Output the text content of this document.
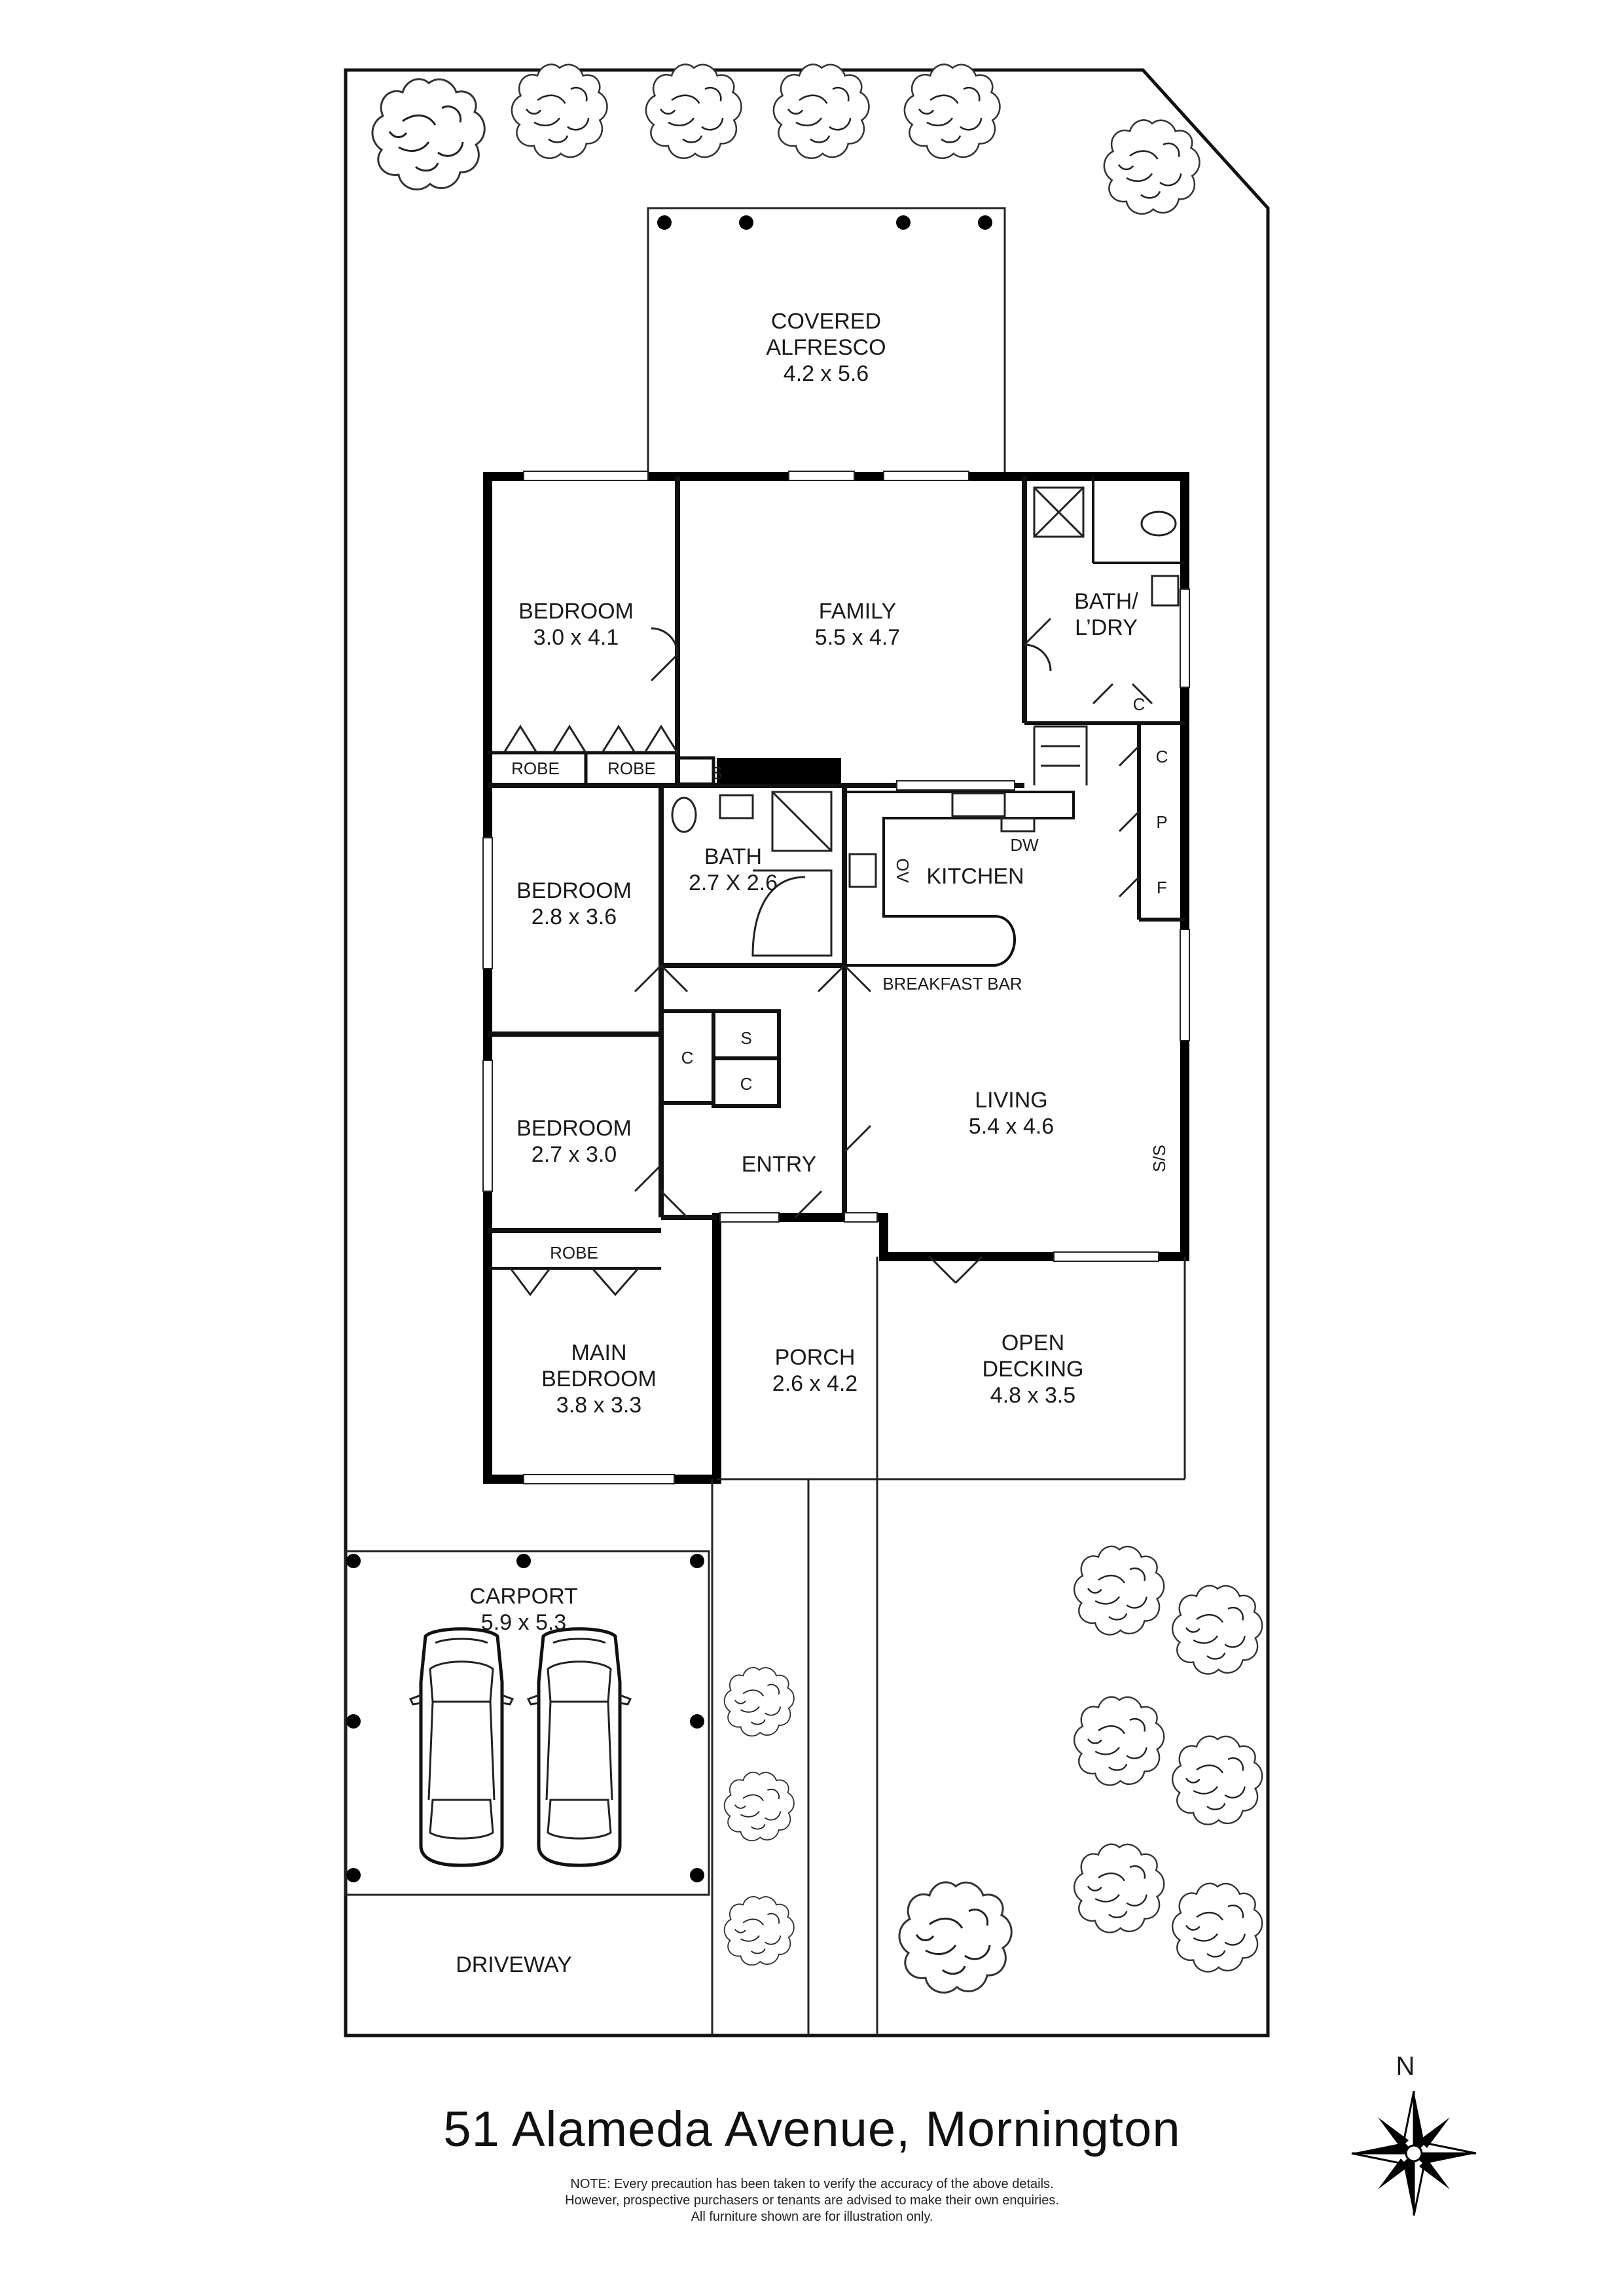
COVERED
ALFRESCO
4.2 x 5.6
BEDROOM
3.0 x 4.1
FAMILY
5.5 x 4.7
BATH/
L’DRY
BEDROOM
2.8 x 3.6
BATH
2.7 X 2.6	KITCHEN
BEDROOM
2.7 x 3.0
LIVING
5.4 x 4.6
ENTRY
MAIN
BEDROOM
3.8 x 3.3
PORCH
2.6 x 4.2
OPEN
DECKING
4.8 x 3.5
CARPORT
5.9 x 5.3
DRIVEWAY
ROBE	ROBE
ROBE
C
C
P
F
S
S
C
C
DW
OV
S/S
BREAKFAST BAR
N
51 Alameda Avenue, Mornington
NOTE: Every precaution has been taken to verify the accuracy of the above details.
However, prospective purchasers or tenants are advised to make their own enquiries.
All furniture shown are for illustration only.
